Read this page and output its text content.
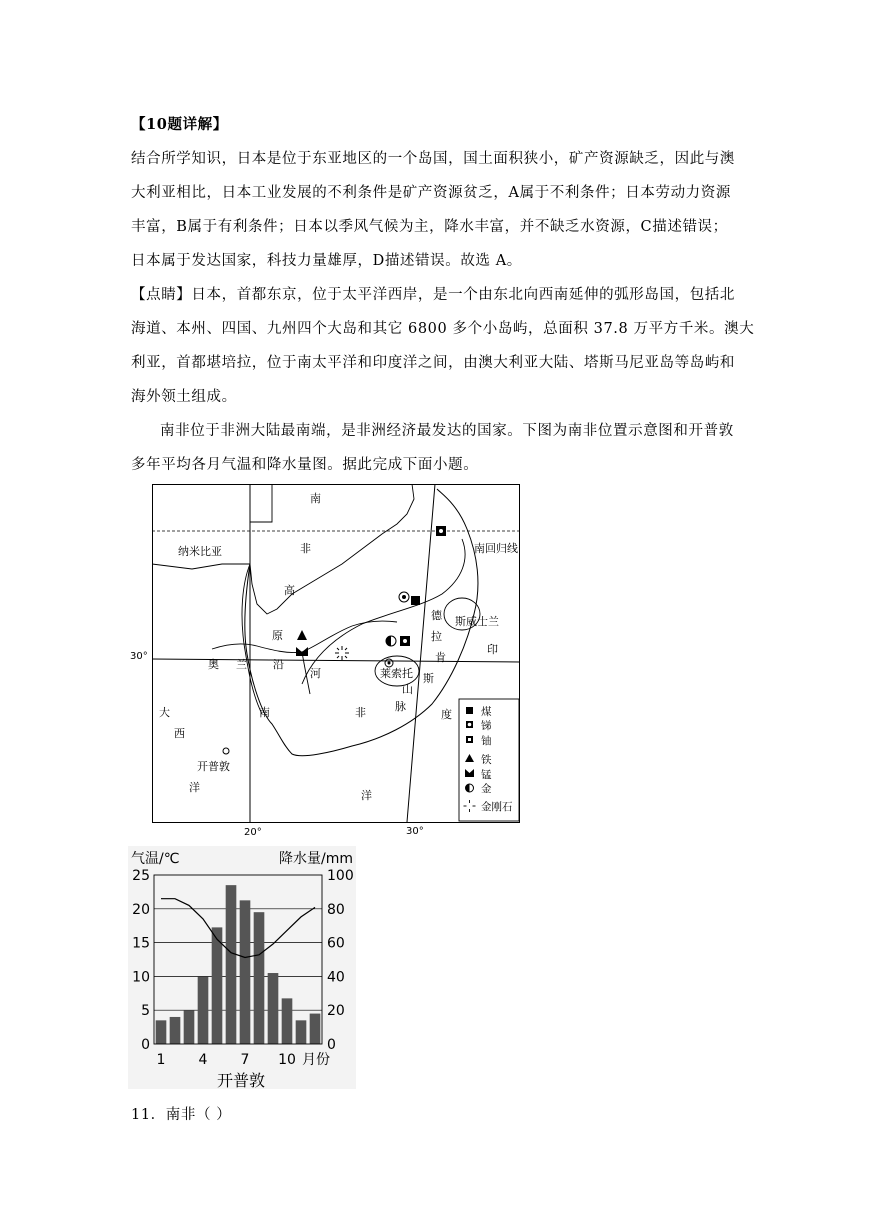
【10题详解】
结合所学知识，日本是位于东亚地区的一个岛国，国土面积狭小，矿产资源缺乏，因此与澳
大利亚相比，日本工业发展的不利条件是矿产资源贫乏，A属于不利条件；日本劳动力资源
丰富，B属于有利条件；日本以季风气候为主，降水丰富，并不缺乏水资源，C描述错误；
日本属于发达国家，科技力量雄厚，D描述错误。故选 A。
【点睛】日本，首都东京，位于太平洋西岸，是一个由东北向西南延伸的弧形岛国，包括北
海道、本州、四国、九州四个大岛和其它 6800 多个小岛屿，总面积 37.8 万平方千米。澳大
利亚，首都堪培拉，位于南太平洋和印度洋之间，由澳大利亚大陆、塔斯马尼亚岛等岛屿和
海外领土组成。
南非位于非洲大陆最南端，是非洲经济最发达的国家。下图为南非位置示意图和开普敦
多年平均各月气温和降水量图。据此完成下面小题。
南
非
纳米比亚	南回归线
高
原
德
拉
肯
斯
斯威士兰
印
奥 兰 沿
河	莱索托
山
脉
大
西
南	非	度
开普敦
洋
洋
煤
锑
铀
铁
锰
金
金刚石
30°
20°	30°
气温/℃	降水量/mm
0
5
10
15
20
25
0
20
40
60
80
100
1 4 7 10 月份
开普敦
11．南非（ ）
